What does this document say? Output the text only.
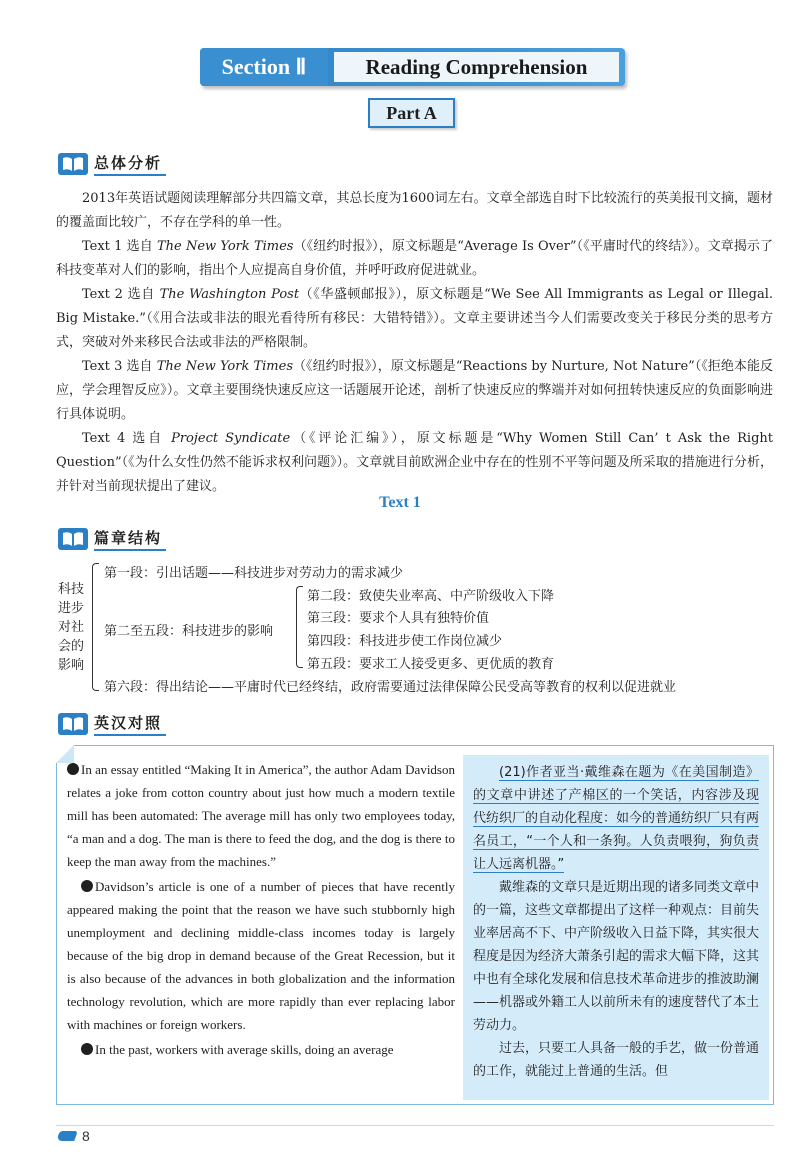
Section Ⅱ	Reading Comprehension
Part A
总体分析

2013年英语试题阅读理解部分共四篇文章，其总长度为1600词左右。文章全部选自时下比较流行的英美报刊文摘，题材的覆盖面比较广，不存在学科的单一性。

Text 1 选自 The New York Times（《纽约时报》），原文标题是“Average Is Over”（《平庸时代的终结》）。文章揭示了科技变革对人们的影响，指出个人应提高自身价值，并呼吁政府促进就业。

Text 2 选自 The Washington Post（《华盛顿邮报》），原文标题是“We See All Immigrants as Legal or Illegal. Big Mistake.”（《用合法或非法的眼光看待所有移民：大错特错》）。文章主要讲述当今人们需要改变关于移民分类的思考方式，突破对外来移民合法或非法的严格限制。

Text 3 选自 The New York Times（《纽约时报》），原文标题是“Reactions by Nurture, Not Nature”（《拒绝本能反应，学会理智反应》）。文章主要围绕快速反应这一话题展开论述，剖析了快速反应的弊端并对如何扭转快速反应的负面影响进行具体说明。

Text 4 选自 Project Syndicate（《评论汇编》），原文标题是“Why Women Still Can’ t Ask the Right Question”（《为什么女性仍然不能诉求权利问题》）。文章就目前欧洲企业中存在的性别不平等问题及所采取的措施进行分析，并针对当前现状提出了建议。

Text 1
篇章结构
科技
进步
对社
会的
影响
第一段：引出话题——科技进步对劳动力的需求减少
第二至五段：科技进步的影响
第二段：致使失业率高、中产阶级收入下降
第三段：要求个人具有独特价值
第四段：科技进步使工作岗位减少
第五段：要求工人接受更多、更优质的教育
第六段：得出结论——平庸时代已经终结，政府需要通过法律保障公民受高等教育的权利以促进就业
英汉对照

In an essay entitled “Making It in America”, the author Adam Davidson relates a joke from cotton country about just how much a modern textile mill has been automated: The average mill has only two employees today, “a man and a dog. The man is there to feed the dog, and the dog is there to keep the man away from the machines.”

Davidson’s article is one of a number of pieces that have recently appeared making the point that the reason we have such stubbornly high unemployment and declining middle-class incomes today is largely because of the big drop in demand because of the Great Recession, but it is also because of the advances in both globalization and the information technology revolution, which are more rapidly than ever replacing labor with machines or foreign workers.

In the past, workers with average skills, doing an average

(21)作者亚当·戴维森在题为《在美国制造》的文章中讲述了产棉区的一个笑话，内容涉及现代纺织厂的自动化程度：如今的普通纺织厂只有两名员工，“一个人和一条狗。人负责喂狗，狗负责让人远离机器。”

戴维森的文章只是近期出现的诸多同类文章中的一篇，这些文章都提出了这样一种观点：目前失业率居高不下、中产阶级收入日益下降，其实很大程度是因为经济大萧条引起的需求大幅下降，这其中也有全球化发展和信息技术革命进步的推波助澜——机器或外籍工人以前所未有的速度替代了本土劳动力。

过去，只要工人具备一般的手艺，做一份普通的工作，就能过上普通的生活。但

8
